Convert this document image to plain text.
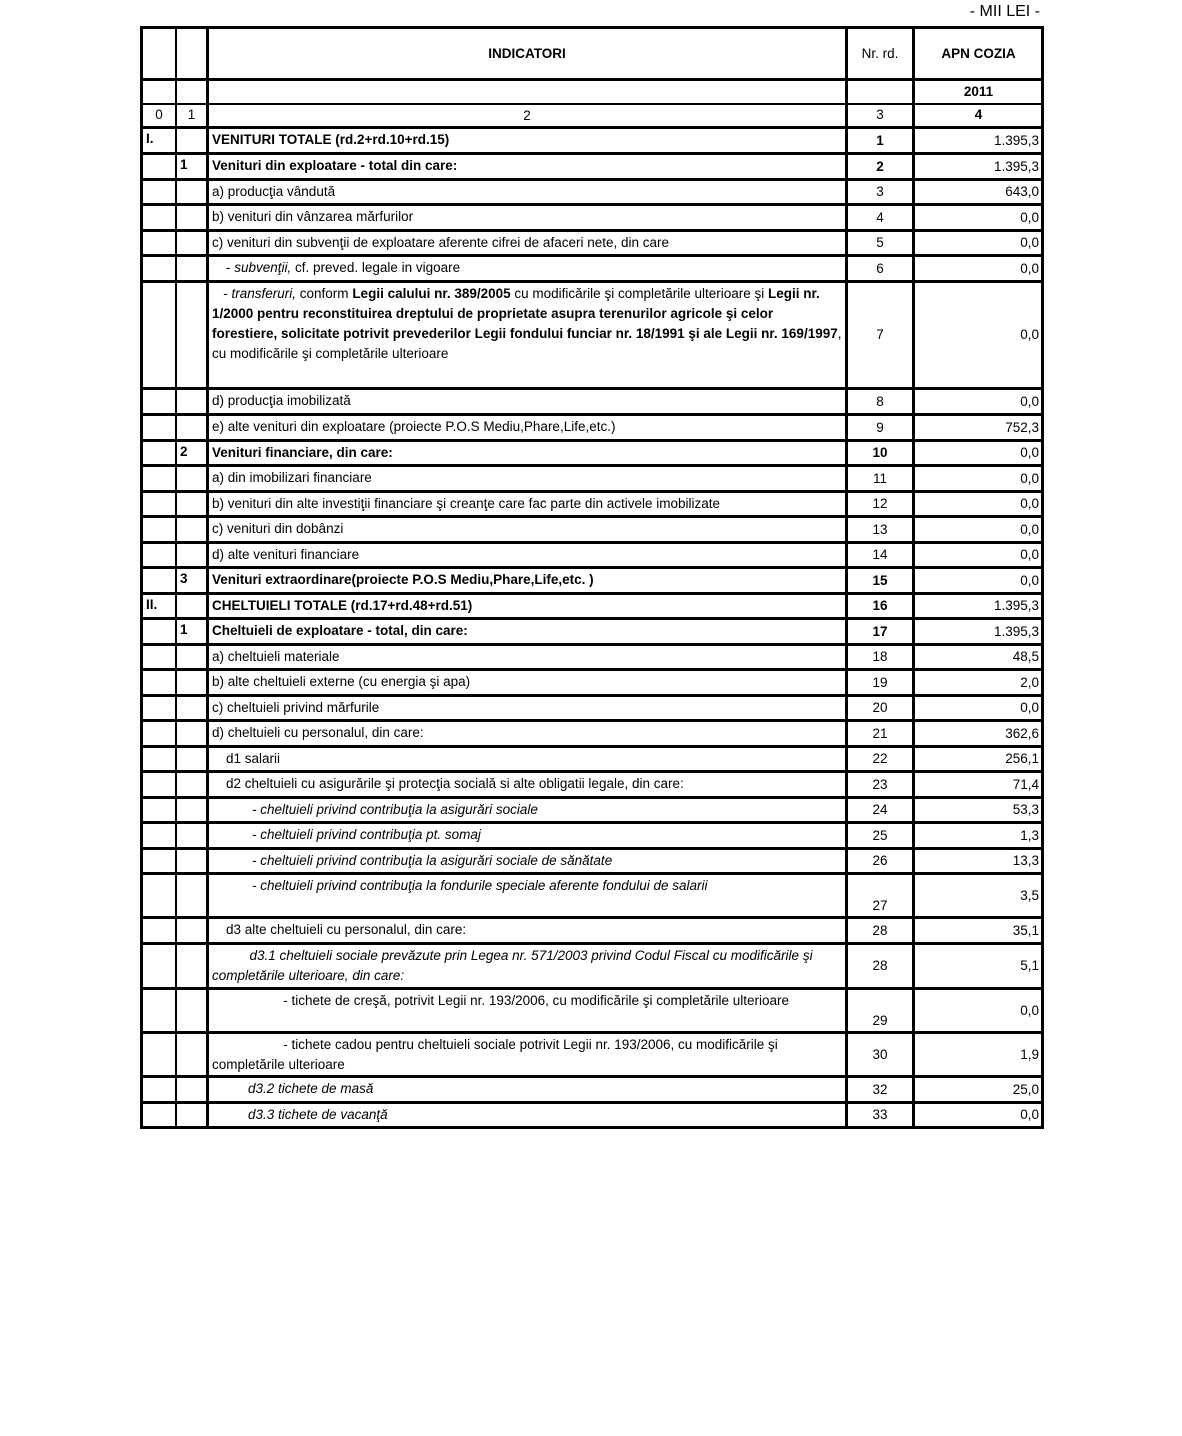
- MII LEI -
		INDICATORI	Nr. rd.	APN COZIA
				2011
0	1	2	3	4
I.		VENITURI TOTALE (rd.2+rd.10+rd.15)	1	1.395,3
	1	Venituri din exploatare - total din care:	2	1.395,3
		a) producţia vândută	3	643,0
		b) venituri din vânzarea mărfurilor	4	0,0
		c) venituri din subvenţii de exploatare aferente cifrei de afaceri nete, din care	5	0,0
		- subvenţii, cf. preved. legale in vigoare	6	0,0
		- transferuri, conform Legii calului nr. 389/2005 cu modificările şi completările ulterioare şi Legii nr. 1/2000 pentru reconstituirea dreptului de proprietate asupra terenurilor agricole şi celor forestiere, solicitate potrivit prevederilor Legii fondului funciar nr. 18/1991 şi ale Legii nr. 169/1997, cu modificările şi completările ulterioare	7	0,0
		d) producţia imobilizată	8	0,0
		e) alte venituri din exploatare (proiecte P.O.S Mediu,Phare,Life,etc.)	9	752,3
	2	Venituri financiare, din care:	10	0,0
		a) din imobilizari financiare	11	0,0
		b) venituri din alte investiţii financiare şi creanţe care fac parte din activele imobilizate	12	0,0
		c) venituri din dobânzi	13	0,0
		d) alte venituri financiare	14	0,0
	3	Venituri extraordinare(proiecte P.O.S Mediu,Phare,Life,etc. )	15	0,0
II.		CHELTUIELI TOTALE (rd.17+rd.48+rd.51)	16	1.395,3
	1	Cheltuieli de exploatare - total, din care:	17	1.395,3
		a) cheltuieli materiale	18	48,5
		b) alte cheltuieli externe (cu energia şi apa)	19	2,0
		c) cheltuieli privind mărfurile	20	0,0
		d) cheltuieli cu personalul, din care:	21	362,6
		d1 salarii	22	256,1
		d2 cheltuieli cu asigurările şi protecţia socială si alte obligatii legale, din care:	23	71,4
		- cheltuieli privind contribuţia la asigurări sociale	24	53,3
		- cheltuieli privind contribuţia pt. somaj	25	1,3
		- cheltuieli privind contribuţia la asigurări sociale de sănătate	26	13,3
		- cheltuieli privind contribuţia la fondurile speciale aferente fondului de salarii	27	3,5
		d3 alte cheltuieli cu personalul, din care:	28	35,1
		d3.1 cheltuieli sociale prevăzute prin Legea nr. 571/2003 privind Codul Fiscal cu modificările şi completările ulterioare, din care:	28	5,1
		- tichete de creşă, potrivit Legii nr. 193/2006, cu modificările şi completările ulterioare	29	0,0
		- tichete cadou pentru cheltuieli sociale potrivit Legii nr. 193/2006, cu modificările şi completările ulterioare	30	1,9
		d3.2 tichete de masă	32	25,0
		d3.3 tichete de vacanţă	33	0,0
